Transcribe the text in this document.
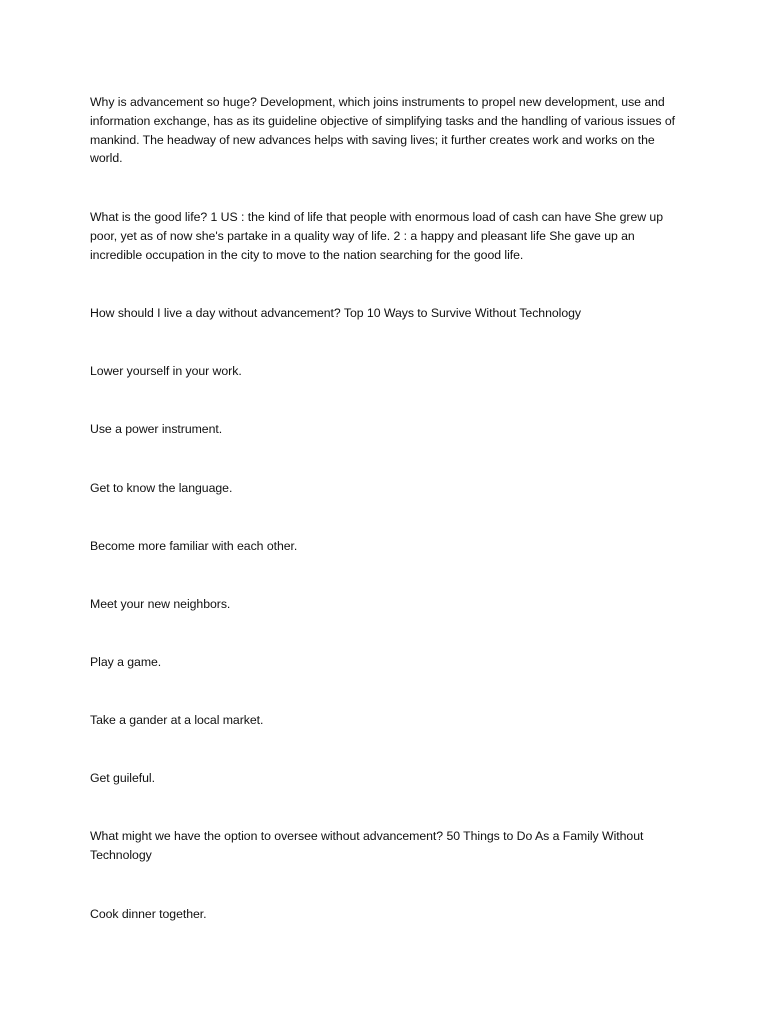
Why is advancement so huge? Development, which joins instruments to propel new development, use and information exchange, has as its guideline objective of simplifying tasks and the handling of various issues of mankind. The headway of new advances helps with saving lives; it further creates work and works on the world.

What is the good life? 1 US : the kind of life that people with enormous load of cash can have She grew up poor, yet as of now she's partake in a quality way of life. 2 : a happy and pleasant life She gave up an incredible occupation in the city to move to the nation searching for the good life.

How should I live a day without advancement? Top 10 Ways to Survive Without Technology

Lower yourself in your work.

Use a power instrument.

Get to know the language.

Become more familiar with each other.

Meet your new neighbors.

Play a game.

Take a gander at a local market.

Get guileful.

What might we have the option to oversee without advancement? 50 Things to Do As a Family Without Technology

Cook dinner together.
